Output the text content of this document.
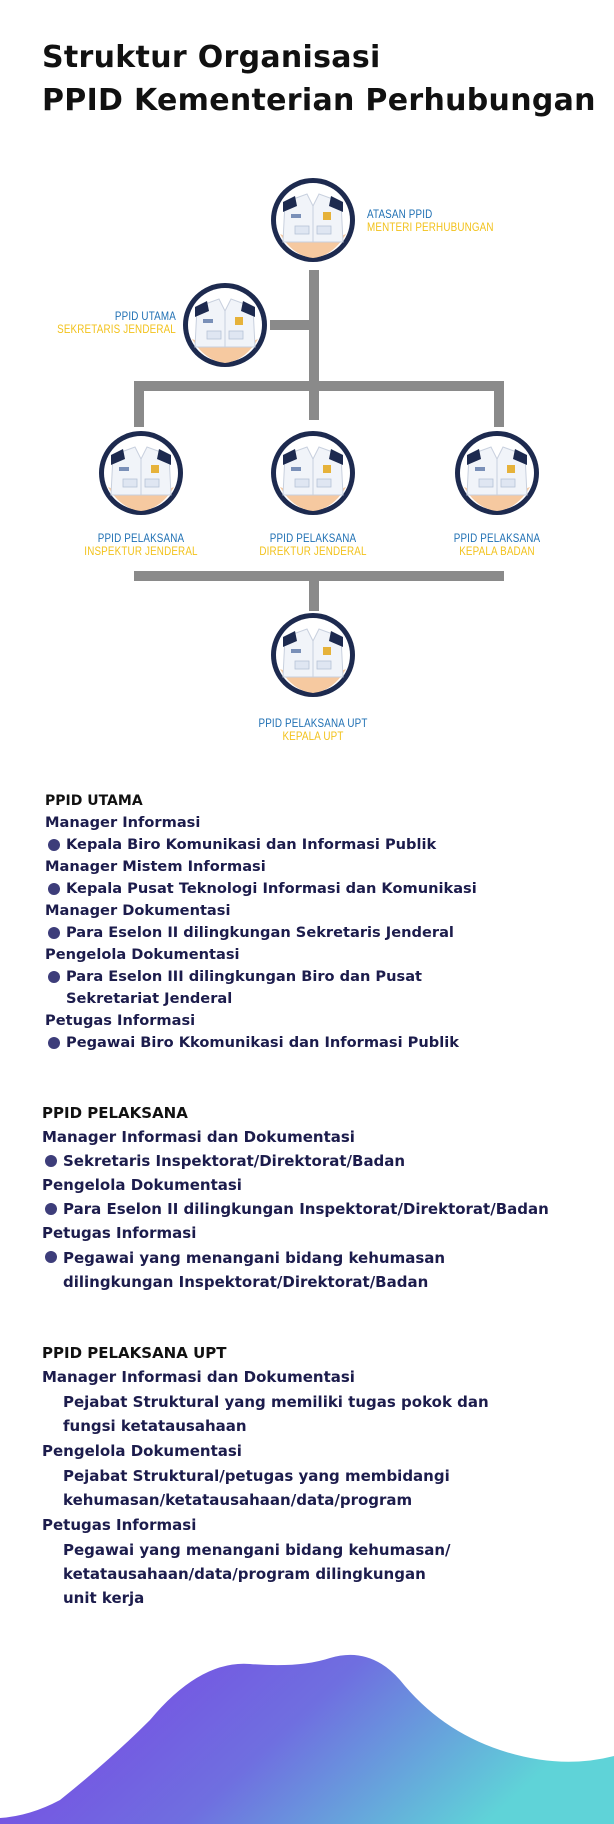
Struktur Organisasi
PPID Kementerian Perhubungan
ATASAN PPID
MENTERI PERHUBUNGAN
PPID UTAMA
SEKRETARIS JENDERAL
PPID PELAKSANA
INSPEKTUR JENDERAL
PPID PELAKSANA
DIREKTUR JENDERAL
PPID PELAKSANA
KEPALA BADAN
PPID PELAKSANA UPT
KEPALA UPT
PPID UTAMA
Manager Informasi
Kepala Biro Komunikasi dan Informasi Publik
Manager Mistem Informasi
Kepala Pusat Teknologi Informasi dan Komunikasi
Manager Dokumentasi
Para Eselon II dilingkungan Sekretaris Jenderal
Pengelola Dokumentasi
Para Eselon III dilingkungan Biro dan Pusat
Sekretariat Jenderal
Petugas Informasi
Pegawai Biro Kkomunikasi dan Informasi Publik
PPID PELAKSANA
Manager Informasi dan Dokumentasi
Sekretaris Inspektorat/Direktorat/Badan
Pengelola Dokumentasi
Para Eselon II dilingkungan Inspektorat/Direktorat/Badan
Petugas Informasi
Pegawai yang menangani bidang kehumasan
dilingkungan Inspektorat/Direktorat/Badan
PPID PELAKSANA UPT
Manager Informasi dan Dokumentasi
Pejabat Struktural yang memiliki tugas pokok dan
fungsi ketatausahaan
Pengelola Dokumentasi
Pejabat Struktural/petugas yang membidangi
kehumasan/ketatausahaan/data/program
Petugas Informasi
Pegawai yang menangani bidang kehumasan/
ketatausahaan/data/program dilingkungan
unit kerja
